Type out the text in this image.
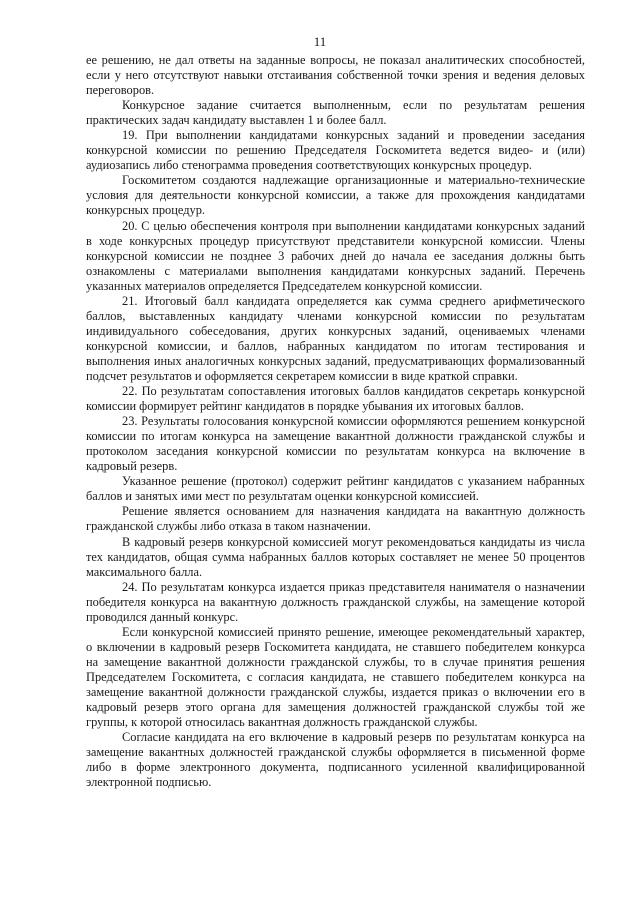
11

ее решению, не дал ответы на заданные вопросы, не показал аналитических способностей, если у него отсутствуют навыки отстаивания собственной точки зрения и ведения деловых переговоров.

Конкурсное задание считается выполненным, если по результатам решения практических задач кандидату выставлен 1 и более балл.

19. При выполнении кандидатами конкурсных заданий и проведении заседания конкурсной комиссии по решению Председателя Госкомитета ведется видео- и (или) аудиозапись либо стенограмма проведения соответствующих конкурсных процедур.

Госкомитетом создаются надлежащие организационные и материально-технические условия для деятельности конкурсной комиссии, а также для прохождения кандидатами конкурсных процедур.

20. С целью обеспечения контроля при выполнении кандидатами конкурсных заданий в ходе конкурсных процедур присутствуют представители конкурсной комиссии. Члены конкурсной комиссии не позднее 3 рабочих дней до начала ее заседания должны быть ознакомлены с материалами выполнения кандидатами конкурсных заданий. Перечень указанных материалов определяется Председателем конкурсной комиссии.

21. Итоговый балл кандидата определяется как сумма среднего арифметического баллов, выставленных кандидату членами конкурсной комиссии по результатам индивидуального собеседования, других конкурсных заданий, оцениваемых членами конкурсной комиссии, и баллов, набранных кандидатом по итогам тестирования и выполнения иных аналогичных конкурсных заданий, предусматривающих формализованный подсчет результатов и оформляется секретарем комиссии в виде краткой справки.

22. По результатам сопоставления итоговых баллов кандидатов секретарь конкурсной комиссии формирует рейтинг кандидатов в порядке убывания их итоговых баллов.

23. Результаты голосования конкурсной комиссии оформляются решением конкурсной комиссии по итогам конкурса на замещение вакантной должности гражданской службы и протоколом заседания конкурсной комиссии по результатам конкурса на включение в кадровый резерв.

Указанное решение (протокол) содержит рейтинг кандидатов с указанием набранных баллов и занятых ими мест по результатам оценки конкурсной комиссией.

Решение является основанием для назначения кандидата на вакантную должность гражданской службы либо отказа в таком назначении.

В кадровый резерв конкурсной комиссией могут рекомендоваться кандидаты из числа тех кандидатов, общая сумма набранных баллов которых составляет не менее 50 процентов максимального балла.

24. По результатам конкурса издается приказ представителя нанимателя о назначении победителя конкурса на вакантную должность гражданской службы, на замещение которой проводился данный конкурс.

Если конкурсной комиссией принято решение, имеющее рекомендательный характер, о включении в кадровый резерв Госкомитета кандидата, не ставшего победителем конкурса на замещение вакантной должности гражданской службы, то в случае принятия решения Председателем Госкомитета, с согласия кандидата, не ставшего победителем конкурса на замещение вакантной должности гражданской службы, издается приказ о включении его в кадровый резерв этого органа для замещения должностей гражданской службы той же группы, к которой относилась вакантная должность гражданской службы.

Согласие кандидата на его включение в кадровый резерв по результатам конкурса на замещение вакантных должностей гражданской службы оформляется в письменной форме либо в форме электронного документа, подписанного усиленной квалифицированной электронной подписью.
